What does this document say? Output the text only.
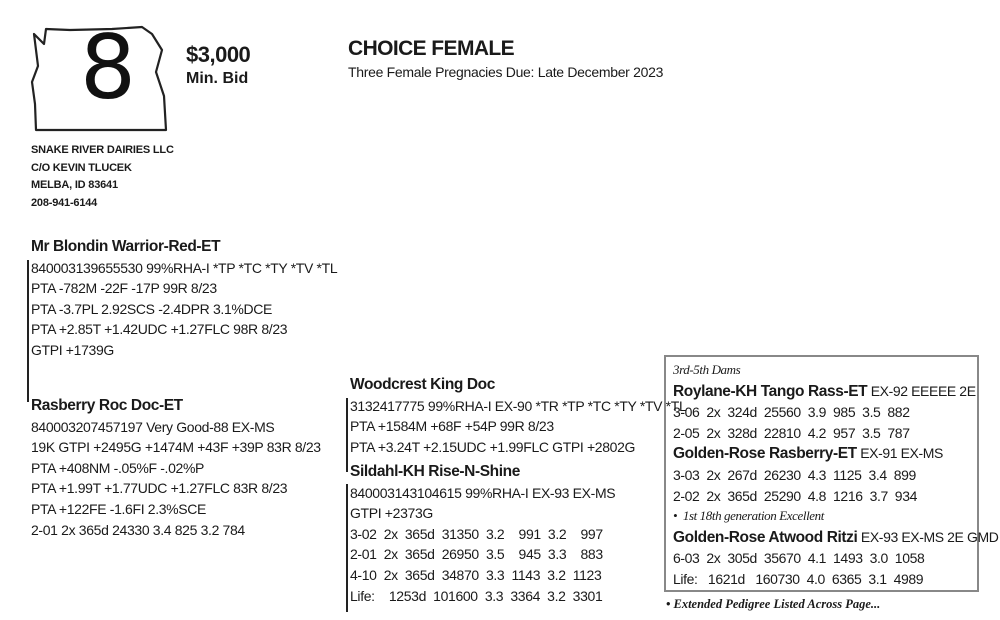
8 $3,000
Min. Bid
CHOICE FEMALE
Three Female Pregnacies Due: Late December 2023
SNAKE RIVER DAIRIES LLC
C/O KEVIN TLUCEK
MELBA, ID 83641
208-941-6144
Mr Blondin Warrior-Red-ET
840003139655530 99%RHA-I *TP *TC *TY *TV *TL
PTA -782M -22F -17P 99R 8/23
PTA -3.7PL 2.92SCS -2.4DPR 3.1%DCE
PTA +2.85T +1.42UDC +1.27FLC 98R 8/23
GTPI +1739G
Rasberry Roc Doc-ET
840003207457197 Very Good-88 EX-MS
19K GTPI +2495G +1474M +43F +39P 83R 8/23
PTA +408NM -.05%F -.02%P
PTA +1.99T +1.77UDC +1.27FLC 83R 8/23
PTA +122FE -1.6FI 2.3%SCE
2-01 2x 365d 24330 3.4 825 3.2 784
Woodcrest King Doc
3132417775 99%RHA-I EX-90 *TR *TP *TC *TY *TV *TL
PTA +1584M +68F +54P 99R 8/23
PTA +3.24T +2.15UDC +1.99FLC GTPI +2802G
Sildahl-KH Rise-N-Shine
840003143104615 99%RHA-I EX-93 EX-MS
GTPI +2373G
3-02  2x  365d  31350  3.2    991  3.2    997
2-01  2x  365d  26950  3.5    945  3.3    883
4-10  2x  365d  34870  3.3  1143  3.2  1123
Life:    1253d  101600  3.3  3364  3.2  3301
3rd-5th Dams
Roylane-KH Tango Rass-ET EX-92 EEEEE 2E
3-06  2x  324d  25560  3.9  985  3.5  882
2-05  2x  328d  22810  4.2  957  3.5  787
Golden-Rose Rasberry-ET EX-91 EX-MS
3-03  2x  267d  26230  4.3  1125  3.4  899
2-02  2x  365d  25290  4.8  1216  3.7  934
•  1st 18th generation Excellent
Golden-Rose Atwood Ritzi EX-93 EX-MS 2E GMD
6-03  2x  305d  35670  4.1  1493  3.0  1058
Life:   1621d   160730  4.0  6365  3.1  4989
• Extended Pedigree Listed Across Page...
